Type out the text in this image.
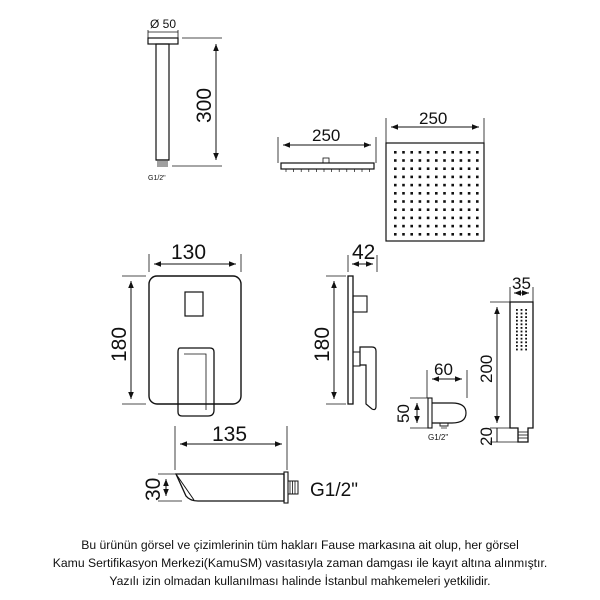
Ø 50
300
G1/2"
250
250
130
180
42
180
135
30	G1/2"
60
50
G1/2"
35
200
20
Bu ürünün görsel ve çizimlerinin tüm hakları Fause markasına ait olup, her görsel
Kamu Sertifikasyon Merkezi(KamuSM) vasıtasıyla zaman damgası ile kayıt altına alınmıştır.
Yazılı izin olmadan kullanılması halinde İstanbul mahkemeleri yetkilidir.
